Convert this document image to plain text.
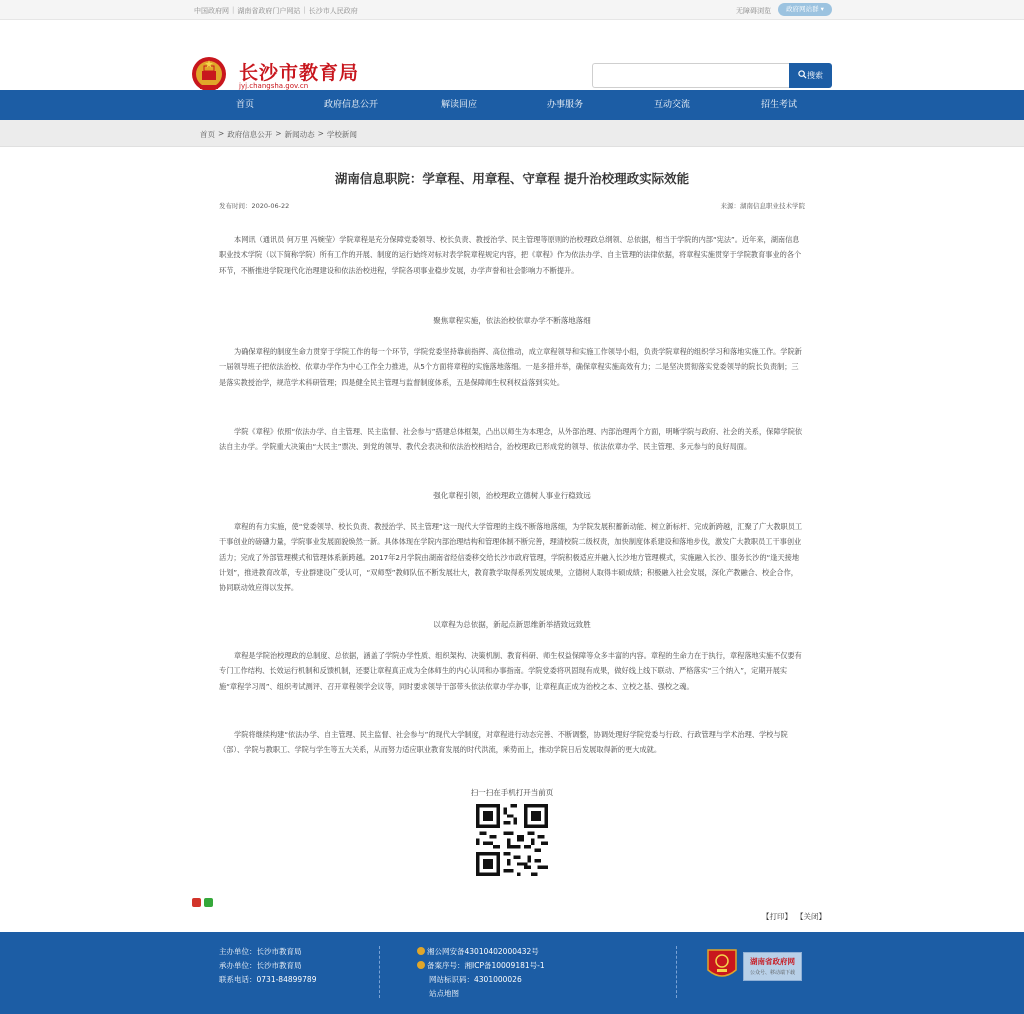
中国政府网 | 湖南省政府门户网站 | 长沙市人民政府	无障碍浏览	政府网站群 ▾
长沙市教育局
jyj.changsha.gov.cn
搜索
首页	政府信息公开	解读回应	办事服务	互动交流	招生考试
首页 > 政府信息公开 > 新闻动态 > 学校新闻
湖南信息职院：学章程、用章程、守章程 提升治校理政实际效能
发布时间：2020-06-22	来源：湖南信息职业技术学院

本网讯（通讯员 何万里 冯婉莹）学院章程是充分保障党委领导、校长负责、教授治学、民主管理等原则的治校理政总纲领、总依据，相当于学院的内部“宪法”。近年来，湖南信息职业技术学院（以下简称学院）所有工作的开展、制度的运行始终对标对表学院章程规定内容，把《章程》作为依法办学、自主管理的法律依据，将章程实施贯穿于学院教育事业的各个环节，不断推进学院现代化治理建设和依法治校进程，学院各项事业稳步发展，办学声誉和社会影响力不断提升。

聚焦章程实施，依法治校依章办学不断落地落细

为确保章程的制度生命力贯穿于学院工作的每一个环节，学院党委坚持靠前指挥、高位推动，成立章程领导和实施工作领导小组，负责学院章程的组织学习和落地实施工作。学院新一届领导班子把依法治校、依章办学作为中心工作全力推进，从5个方面将章程的实施落地落细。一是多措并举，确保章程实施高效有力；二是坚决贯彻落实党委领导的院长负责制；三是落实教授治学，规范学术科研管理；四是健全民主管理与监督制度体系，五是保障师生权利权益落到实处。

学院《章程》依照“依法办学、自主管理、民主监督、社会参与”搭建总体框架，凸出以师生为本理念，从外部治理、内部治理两个方面，明晰学院与政府、社会的关系，保障学院依法自主办学。学院重大决策由“大民主”票决、到党的领导、教代会表决和依法治校相结合，治校理政已形成党的领导、依法依章办学、民主管理、多元参与的良好局面。

强化章程引领，治校理政立德树人事业行稳致远

章程的有力实施，使“党委领导、校长负责、教授治学、民主管理”这一现代大学管理的主线不断落地落细，为学院发展积蓄新动能、树立新标杆、完成新跨越，汇聚了广大教职员工干事创业的磅礴力量，学院事业发展面貌焕然一新。具体体现在学院内部治理结构和管理体制不断完善，理清校院二级权责，加快制度体系建设和落地步伐，激发广大教职员工干事创业活力；完成了外部管理模式和管理体系新跨越。2017年2月学院由湖南省经信委移交给长沙市政府管理，学院积极适应并融入长沙地方管理模式，实施融入长沙、服务长沙的“逢天接地计划”，推进教育改革，专业群建设广受认可，“双师型”教师队伍不断发展壮大，教育教学取得系列发展成果，立德树人取得丰硕成绩；积极融入社会发展，深化产教融合、校企合作，协同联动效应得以发挥。

以章程为总依据，新起点新思维新举措致远致胜

章程是学院治校理政的总制度、总依据，涵盖了学院办学性质、组织架构、决策机制、教育科研、师生权益保障等众多丰富的内容。章程的生命力在于执行，章程落地实施不仅要有专门工作结构、长效运行机制和反馈机制，还要让章程真正成为全体师生的内心认同和办事指南。学院党委将巩固现有成果，做好线上线下联动、严格落实“三个纳入”，定期开展实施“章程学习周”、组织考试测评、召开章程领学会议等，同时要求领导干部带头依法依章办学办事，让章程真正成为治校之本、立校之基、强校之魂。

学院将继续构建“依法办学、自主管理、民主监督、社会参与”的现代大学制度，对章程进行动态完善、不断调整，协调处理好学院党委与行政、行政管理与学术治理、学校与院（部）、学院与教职工、学院与学生等五大关系，从而努力适应职业教育发展的时代洪流，乘势而上，推动学院日后发展取得新的更大成就。

扫一扫在手机打开当前页
【打印】 【关闭】
主办单位：长沙市教育局
承办单位：长沙市教育局
联系电话：0731-84899789
湘公网安备43010402000432号
备案序号：湘ICP备10009181号-1
网站标识码：4301000026
站点地图
湖南省政府网
公众号、移动端下载
